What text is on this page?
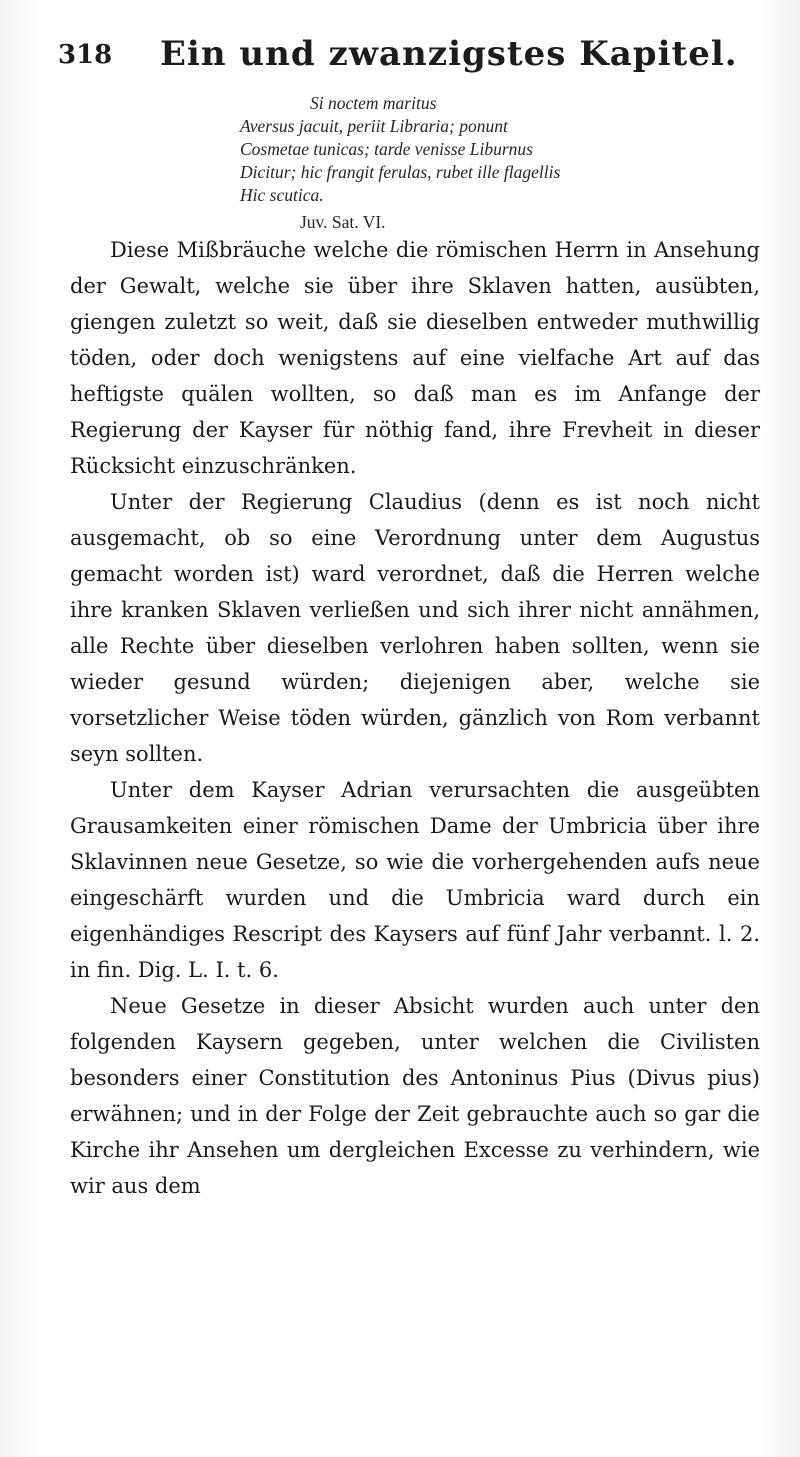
318 Ein und zwanzigstes Kapitel.
Si noctem maritus
Aversus jacuit, periit Libraria; ponunt
Cosmetae tunicas; tarde venisse Liburnus
Dicitur; hic frangit ferulas, rubet ille flagellis
Hic scutica.
Juv. Sat. VI.

Diese Mißbräuche welche die römischen Herrn in Ansehung der Gewalt, welche sie über ihre Sklaven hatten, ausübten, giengen zuletzt so weit, daß sie dieselben entweder muthwillig töden, oder doch wenigstens auf eine vielfache Art auf das heftigste quälen wollten, so daß man es im Anfange der Regierung der Kayser für nöthig fand, ihre Frevheit in dieser Rücksicht einzuschränken.

Unter der Regierung Claudius (denn es ist noch nicht ausgemacht, ob so eine Verordnung unter dem Augustus gemacht worden ist) ward verordnet, daß die Herren welche ihre kranken Sklaven verließen und sich ihrer nicht annähmen, alle Rechte über dieselben verlohren haben sollten, wenn sie wieder gesund würden; diejenigen aber, welche sie vorsetzlicher Weise töden würden, gänzlich von Rom verbannt seyn sollten.

Unter dem Kayser Adrian verursachten die ausgeübten Grausamkeiten einer römischen Dame der Umbricia über ihre Sklavinnen neue Gesetze, so wie die vorhergehenden aufs neue eingeschärft wurden und die Umbricia ward durch ein eigenhändiges Rescript des Kaysers auf fünf Jahr verbannt. l. 2. in fin. Dig. L. I. t. 6.

Neue Gesetze in dieser Absicht wurden auch unter den folgenden Kaysern gegeben, unter welchen die Civilisten besonders einer Constitution des Antoninus Pius (Divus pius) erwähnen; und in der Folge der Zeit gebrauchte auch so gar die Kirche ihr Ansehen um dergleichen Excesse zu verhindern, wie wir aus dem
